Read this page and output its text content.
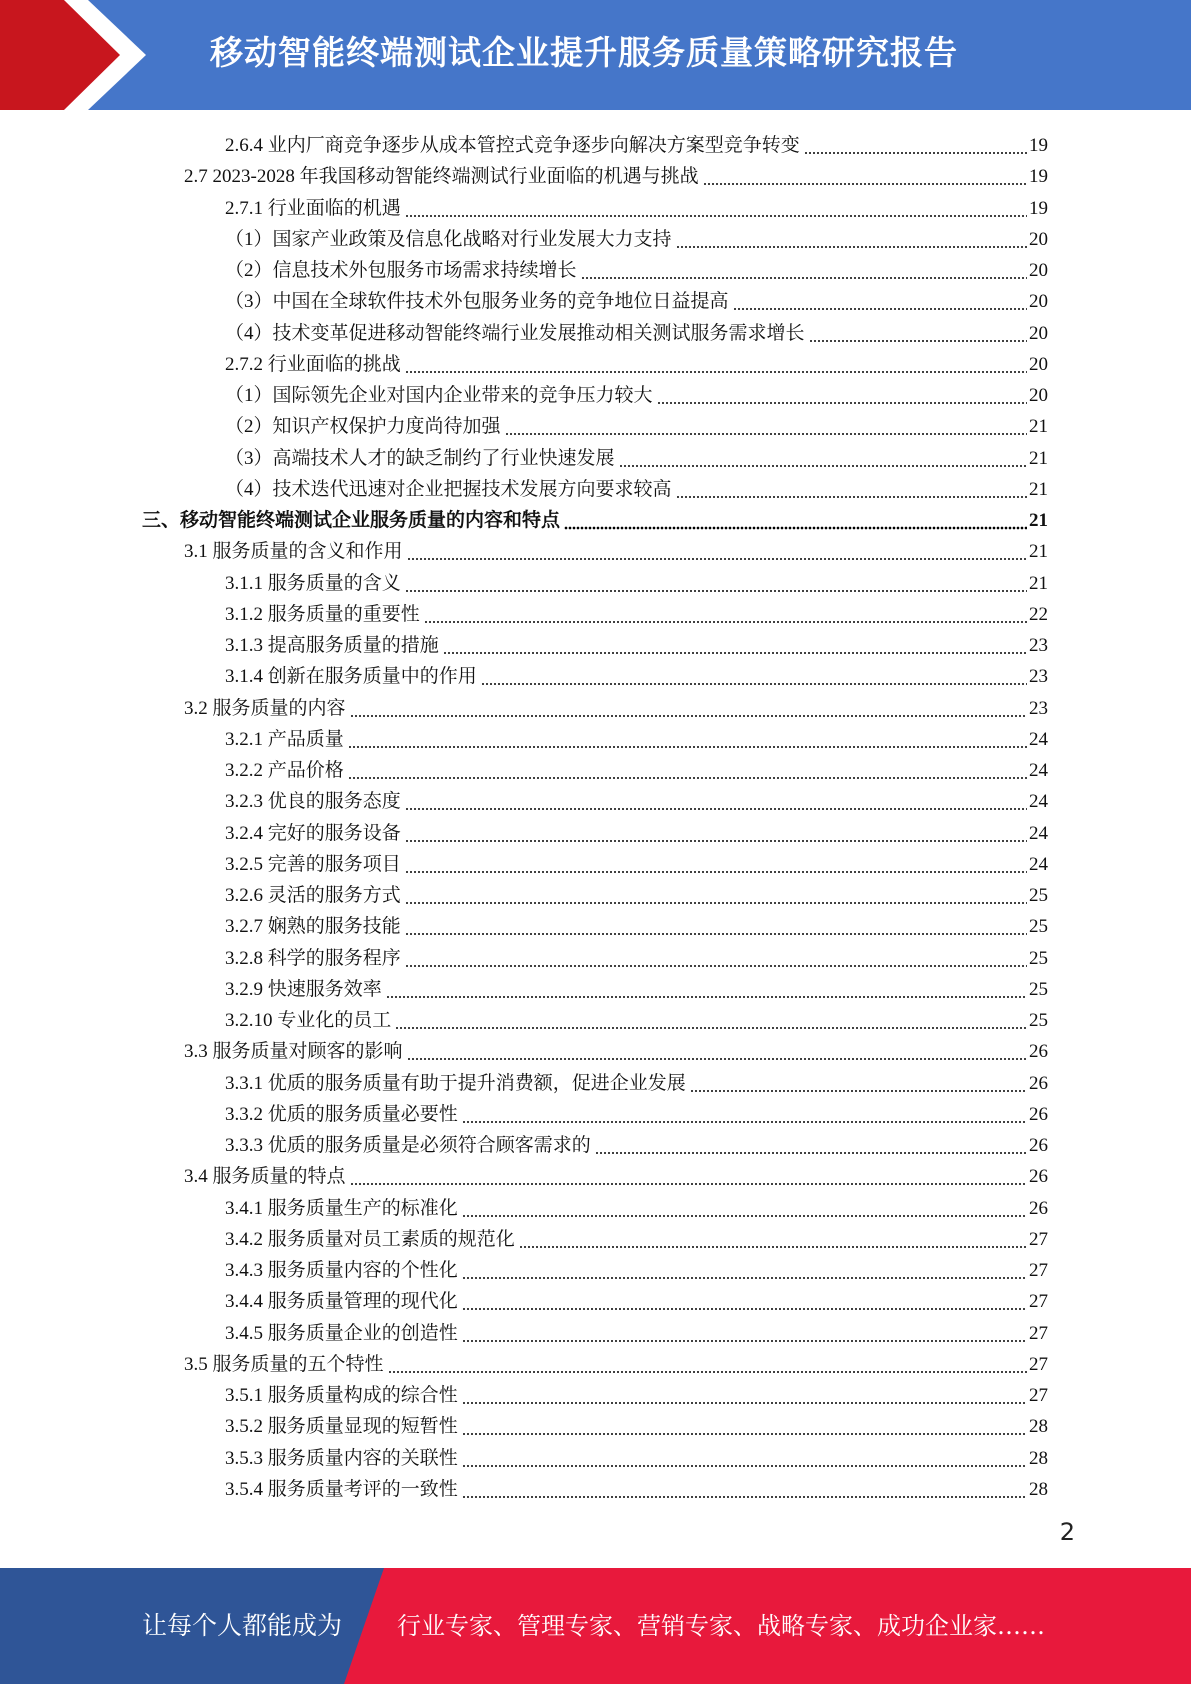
移动智能终端测试企业提升服务质量策略研究报告
2.6.4 业内厂商竞争逐步从成本管控式竞争逐步向解决方案型竞争转变	19
2.7 2023-2028 年我国移动智能终端测试行业面临的机遇与挑战	19
2.7.1 行业面临的机遇	19
（1）国家产业政策及信息化战略对行业发展大力支持	20
（2）信息技术外包服务市场需求持续增长	20
（3）中国在全球软件技术外包服务业务的竞争地位日益提高	20
（4）技术变革促进移动智能终端行业发展推动相关测试服务需求增长	20
2.7.2 行业面临的挑战	20
（1）国际领先企业对国内企业带来的竞争压力较大	20
（2）知识产权保护力度尚待加强	21
（3）高端技术人才的缺乏制约了行业快速发展	21
（4）技术迭代迅速对企业把握技术发展方向要求较高	21
三、移动智能终端测试企业服务质量的内容和特点	21
3.1 服务质量的含义和作用	21
3.1.1 服务质量的含义	21
3.1.2 服务质量的重要性	22
3.1.3 提高服务质量的措施	23
3.1.4 创新在服务质量中的作用	23
3.2 服务质量的内容	23
3.2.1 产品质量	24
3.2.2 产品价格	24
3.2.3 优良的服务态度	24
3.2.4 完好的服务设备	24
3.2.5 完善的服务项目	24
3.2.6 灵活的服务方式	25
3.2.7 娴熟的服务技能	25
3.2.8 科学的服务程序	25
3.2.9 快速服务效率	25
3.2.10 专业化的员工	25
3.3 服务质量对顾客的影响	26
3.3.1 优质的服务质量有助于提升消费额，促进企业发展	26
3.3.2 优质的服务质量必要性	26
3.3.3 优质的服务质量是必须符合顾客需求的	26
3.4 服务质量的特点	26
3.4.1 服务质量生产的标准化	26
3.4.2 服务质量对员工素质的规范化	27
3.4.3 服务质量内容的个性化	27
3.4.4 服务质量管理的现代化	27
3.4.5 服务质量企业的创造性	27
3.5 服务质量的五个特性	27
3.5.1 服务质量构成的综合性	27
3.5.2 服务质量显现的短暂性	28
3.5.3 服务质量内容的关联性	28
3.5.4 服务质量考评的一致性	28
2
让每个人都能成为 行业专家、管理专家、营销专家、战略专家、成功企业家……
